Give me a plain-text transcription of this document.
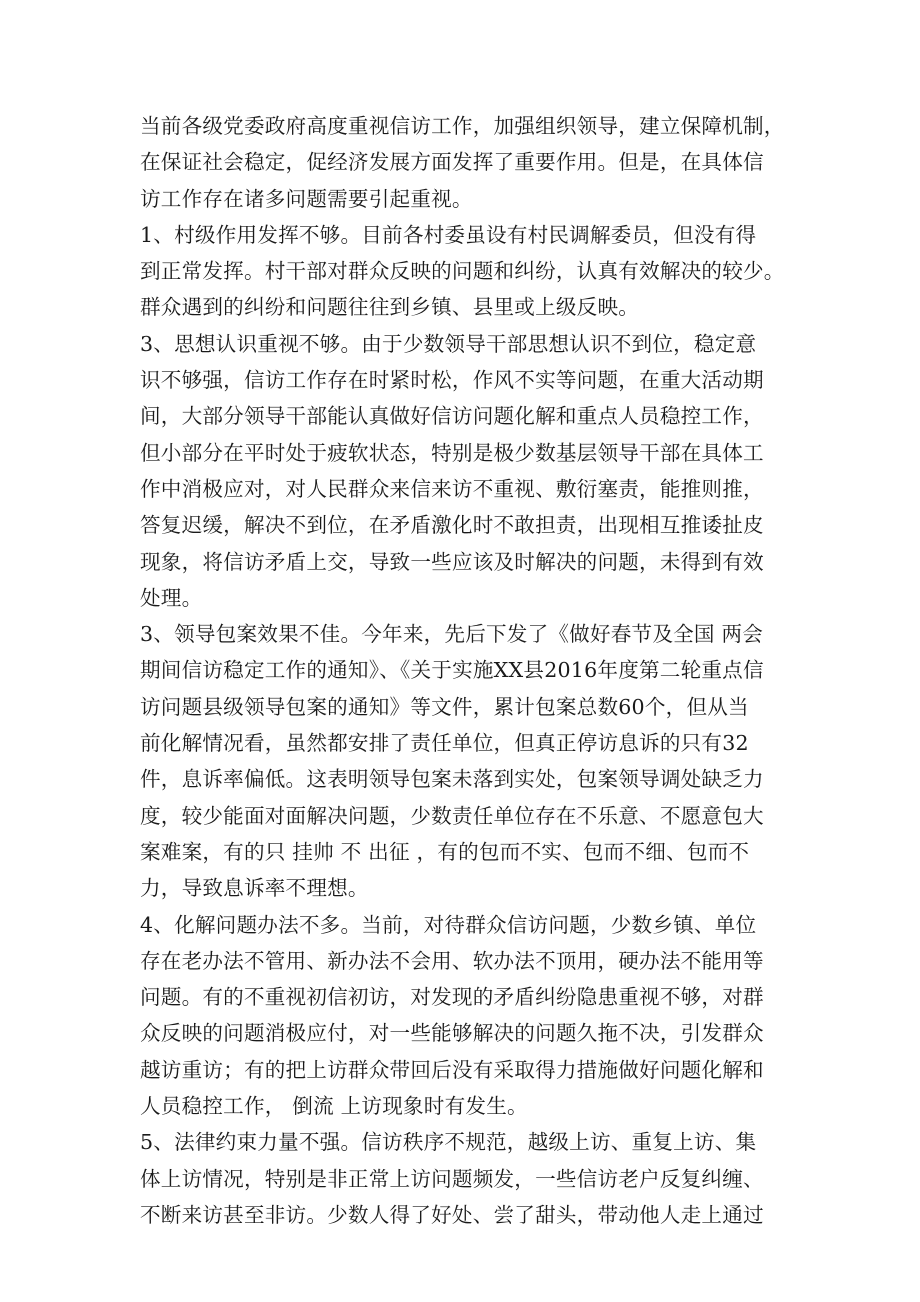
当前各级党委政府高度重视信访工作，加强组织领导，建立保障机制，
在保证社会稳定，促经济发展方面发挥了重要作用。但是，在具体信
访工作存在诸多问题需要引起重视。
1、村级作用发挥不够。目前各村委虽设有村民调解委员，但没有得
到正常发挥。村干部对群众反映的问题和纠纷，认真有效解决的较少。
群众遇到的纠纷和问题往往到乡镇、县里或上级反映。
3、思想认识重视不够。由于少数领导干部思想认识不到位，稳定意
识不够强，信访工作存在时紧时松，作风不实等问题，在重大活动期
间，大部分领导干部能认真做好信访问题化解和重点人员稳控工作，
但小部分在平时处于疲软状态，特别是极少数基层领导干部在具体工
作中消极应对，对人民群众来信来访不重视、敷衍塞责，能推则推，
答复迟缓，解决不到位，在矛盾激化时不敢担责，出现相互推诿扯皮
现象，将信访矛盾上交，导致一些应该及时解决的问题，未得到有效
处理。
3、领导包案效果不佳。今年来，先后下发了《做好春节及全国 两会
期间信访稳定工作的通知》、《关于实施XX县2016年度第二轮重点信
访问题县级领导包案的通知》等文件，累计包案总数60个，但从当
前化解情况看，虽然都安排了责任单位，但真正停访息诉的只有32
件，息诉率偏低。这表明领导包案未落到实处，包案领导调处缺乏力
度，较少能面对面解决问题，少数责任单位存在不乐意、不愿意包大
案难案，有的只 挂帅 不 出征 ，有的包而不实、包而不细、包而不
力，导致息诉率不理想。
4、化解问题办法不多。当前，对待群众信访问题，少数乡镇、单位
存在老办法不管用、新办法不会用、软办法不顶用，硬办法不能用等
问题。有的不重视初信初访，对发现的矛盾纠纷隐患重视不够，对群
众反映的问题消极应付，对一些能够解决的问题久拖不决，引发群众
越访重访；有的把上访群众带回后没有采取得力措施做好问题化解和
人员稳控工作， 倒流 上访现象时有发生。
5、法律约束力量不强。信访秩序不规范，越级上访、重复上访、集
体上访情况，特别是非正常上访问题频发，一些信访老户反复纠缠、
不断来访甚至非访。少数人得了好处、尝了甜头，带动他人走上通过
